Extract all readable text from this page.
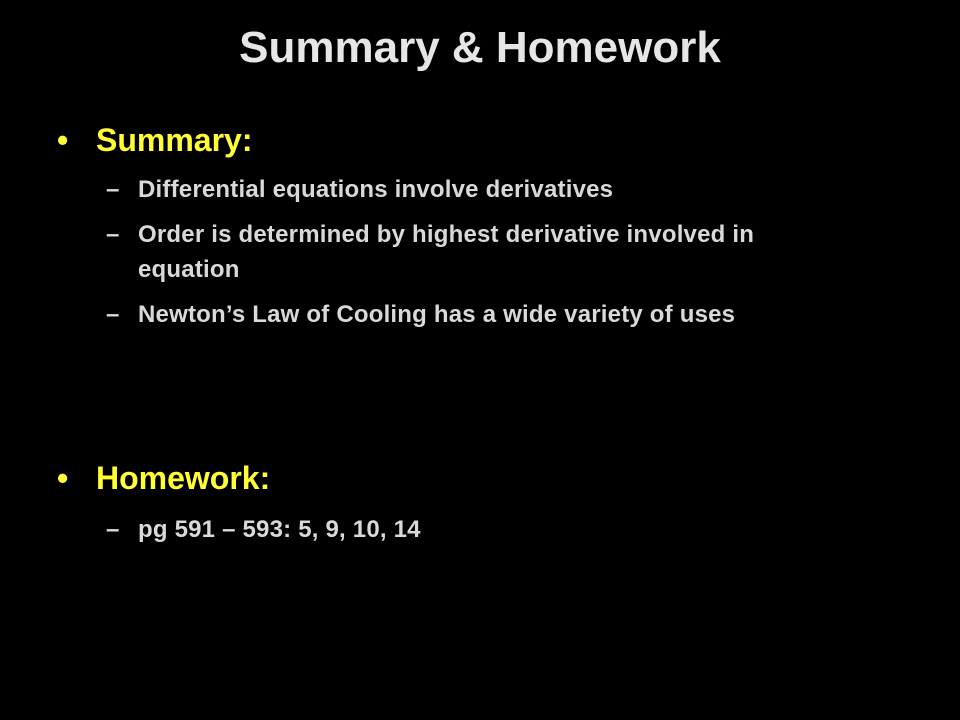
Summary & Homework
• Summary:
– Differential equations involve derivatives
– Order is determined by highest derivative involved in equation
– Newton’s Law of Cooling has a wide variety of uses
• Homework:
– pg 591 – 593: 5, 9, 10, 14
